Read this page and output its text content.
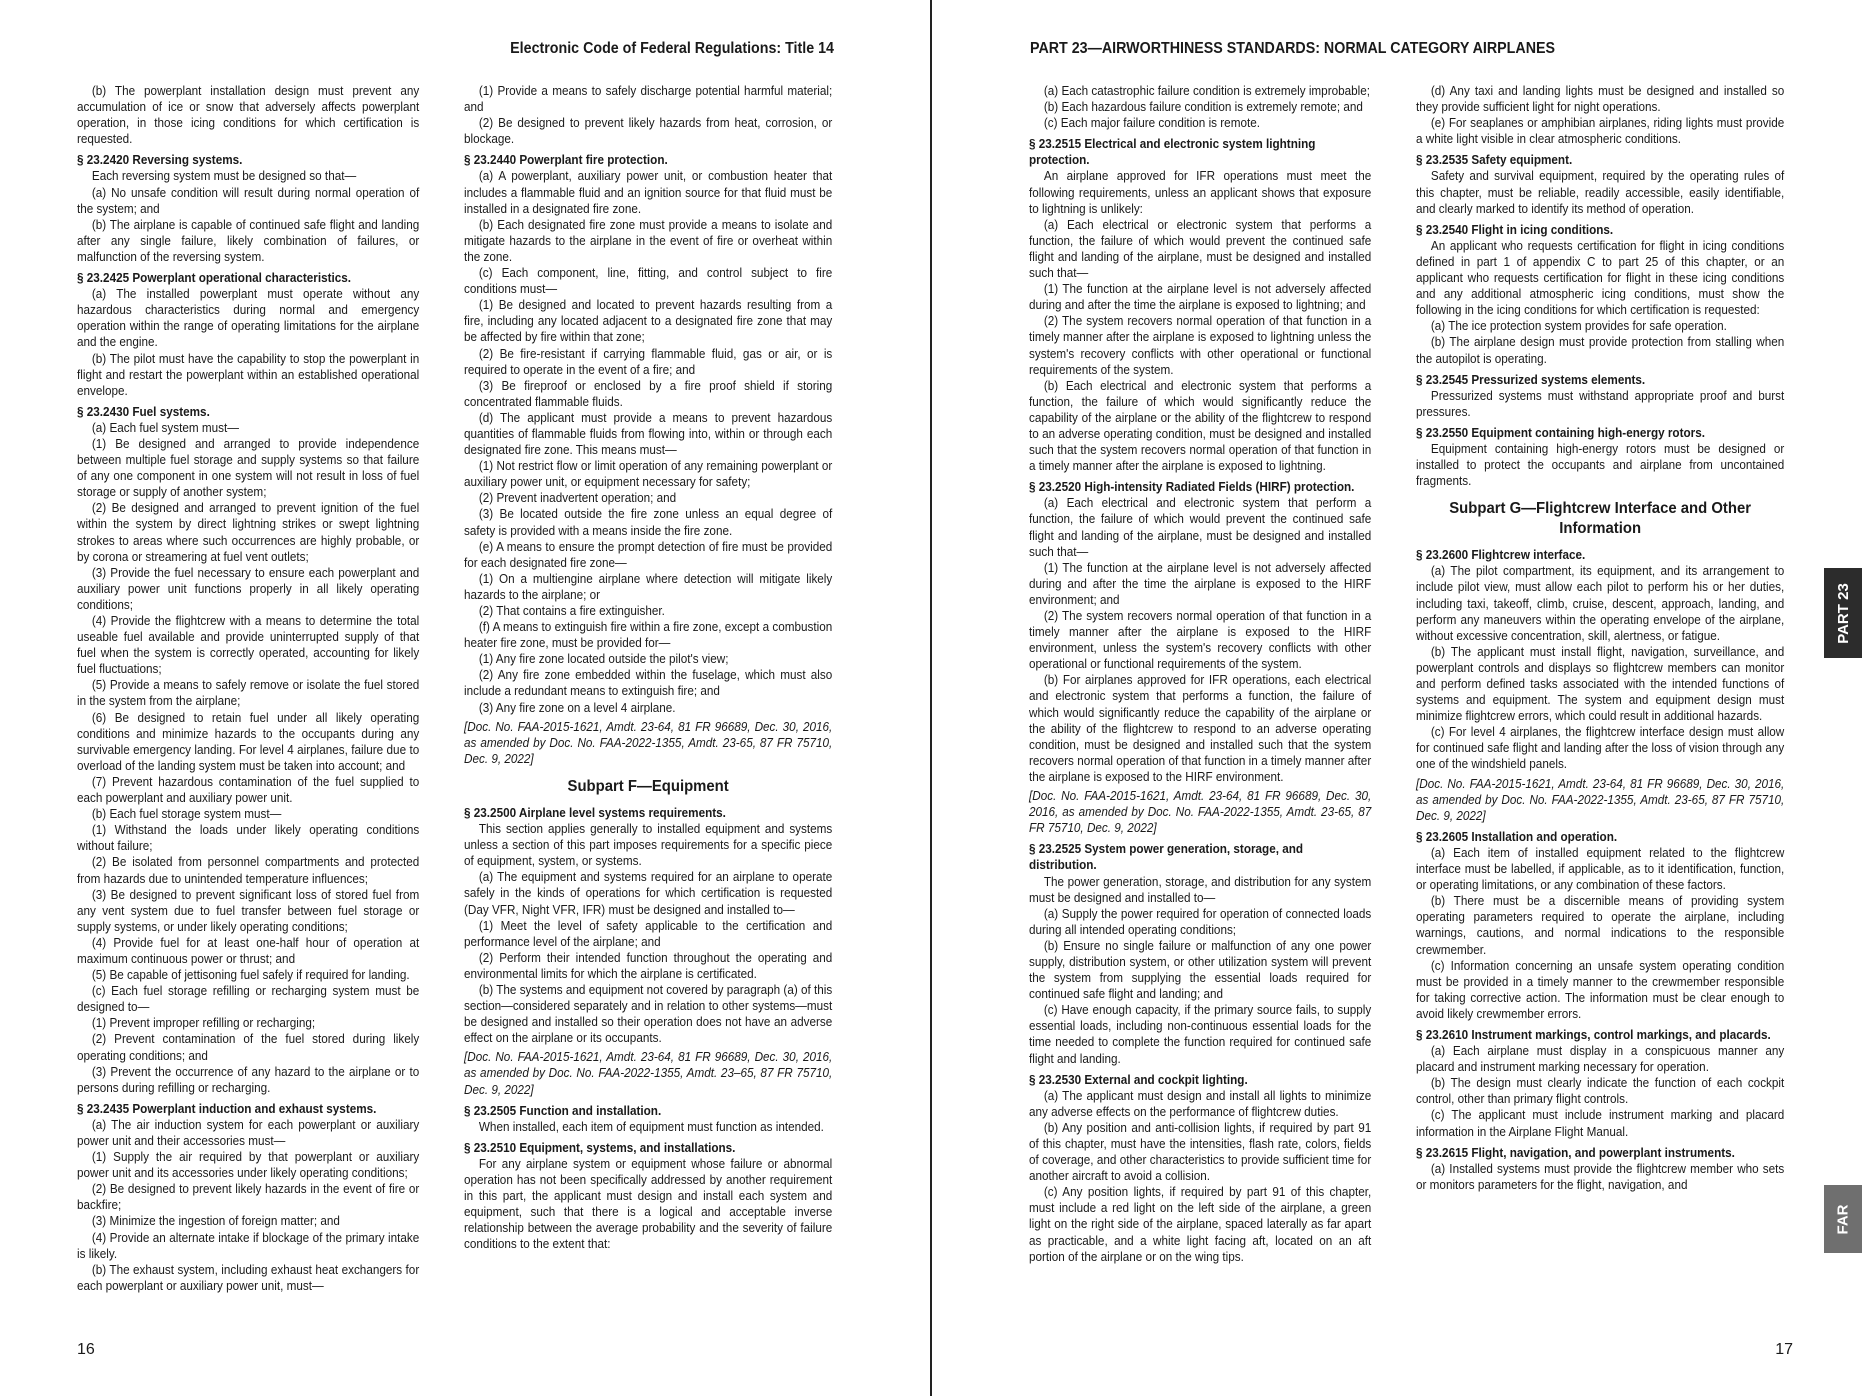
Electronic Code of Federal Regulations: Title 14
(b) The powerplant installation design must prevent any accumulation of ice or snow that adversely affects powerplant operation, in those icing conditions for which certification is requested.
§ 23.2420 Reversing systems.
Each reversing system must be designed so that—
(a) No unsafe condition will result during normal operation of the system; and
(b) The airplane is capable of continued safe flight and landing after any single failure, likely combination of failures, or malfunction of the reversing system.
§ 23.2425 Powerplant operational characteristics.
(a) The installed powerplant must operate without any hazardous characteristics during normal and emergency operation within the range of operating limitations for the airplane and the engine.
(b) The pilot must have the capability to stop the powerplant in flight and restart the powerplant within an established operational envelope.
§ 23.2430 Fuel systems.
(a) Each fuel system must—
(1) Be designed and arranged to provide independence between multiple fuel storage and supply systems so that failure of any one component in one system will not result in loss of fuel storage or supply of another system;
(2) Be designed and arranged to prevent ignition of the fuel within the system by direct lightning strikes or swept lightning strokes to areas where such occurrences are highly probable, or by corona or streamering at fuel vent outlets;
(3) Provide the fuel necessary to ensure each powerplant and auxiliary power unit functions properly in all likely operating conditions;
(4) Provide the flightcrew with a means to determine the total useable fuel available and provide uninterrupted supply of that fuel when the system is correctly operated, accounting for likely fuel fluctuations;
(5) Provide a means to safely remove or isolate the fuel stored in the system from the airplane;
(6) Be designed to retain fuel under all likely operating conditions and minimize hazards to the occupants during any survivable emergency landing. For level 4 airplanes, failure due to overload of the landing system must be taken into account; and
(7) Prevent hazardous contamination of the fuel supplied to each powerplant and auxiliary power unit.
(b) Each fuel storage system must—
(1) Withstand the loads under likely operating conditions without failure;
(2) Be isolated from personnel compartments and protected from hazards due to unintended temperature influences;
(3) Be designed to prevent significant loss of stored fuel from any vent system due to fuel transfer between fuel storage or supply systems, or under likely operating conditions;
(4) Provide fuel for at least one-half hour of operation at maximum continuous power or thrust; and
(5) Be capable of jettisoning fuel safely if required for landing.
(c) Each fuel storage refilling or recharging system must be designed to—
(1) Prevent improper refilling or recharging;
(2) Prevent contamination of the fuel stored during likely operating conditions; and
(3) Prevent the occurrence of any hazard to the airplane or to persons during refilling or recharging.
§ 23.2435 Powerplant induction and exhaust systems.
(a) The air induction system for each powerplant or auxiliary power unit and their accessories must—
(1) Supply the air required by that powerplant or auxiliary power unit and its accessories under likely operating conditions;
(2) Be designed to prevent likely hazards in the event of fire or backfire;
(3) Minimize the ingestion of foreign matter; and
(4) Provide an alternate intake if blockage of the primary intake is likely.
(b) The exhaust system, including exhaust heat exchangers for each powerplant or auxiliary power unit, must—
(1) Provide a means to safely discharge potential harmful material; and
(2) Be designed to prevent likely hazards from heat, corrosion, or blockage.
§ 23.2440 Powerplant fire protection.
(a) A powerplant, auxiliary power unit, or combustion heater that includes a flammable fluid and an ignition source for that fluid must be installed in a designated fire zone.
(b) Each designated fire zone must provide a means to isolate and mitigate hazards to the airplane in the event of fire or overheat within the zone.
(c) Each component, line, fitting, and control subject to fire conditions must—
(1) Be designed and located to prevent hazards resulting from a fire, including any located adjacent to a designated fire zone that may be affected by fire within that zone;
(2) Be fire-resistant if carrying flammable fluid, gas or air, or is required to operate in the event of a fire; and
(3) Be fireproof or enclosed by a fire proof shield if storing concentrated flammable fluids.
(d) The applicant must provide a means to prevent hazardous quantities of flammable fluids from flowing into, within or through each designated fire zone. This means must—
(1) Not restrict flow or limit operation of any remaining powerplant or auxiliary power unit, or equipment necessary for safety;
(2) Prevent inadvertent operation; and
(3) Be located outside the fire zone unless an equal degree of safety is provided with a means inside the fire zone.
(e) A means to ensure the prompt detection of fire must be provided for each designated fire zone—
(1) On a multiengine airplane where detection will mitigate likely hazards to the airplane; or
(2) That contains a fire extinguisher.
(f) A means to extinguish fire within a fire zone, except a combustion heater fire zone, must be provided for—
(1) Any fire zone located outside the pilot's view;
(2) Any fire zone embedded within the fuselage, which must also include a redundant means to extinguish fire; and
(3) Any fire zone on a level 4 airplane.
[Doc. No. FAA-2015-1621, Amdt. 23-64, 81 FR 96689, Dec. 30, 2016, as amended by Doc. No. FAA-2022-1355, Amdt. 23-65, 87 FR 75710, Dec. 9, 2022]
Subpart F—Equipment
§ 23.2500 Airplane level systems requirements.
This section applies generally to installed equipment and systems unless a section of this part imposes requirements for a specific piece of equipment, system, or systems.
(a) The equipment and systems required for an airplane to operate safely in the kinds of operations for which certification is requested (Day VFR, Night VFR, IFR) must be designed and installed to—
(1) Meet the level of safety applicable to the certification and performance level of the airplane; and
(2) Perform their intended function throughout the operating and environmental limits for which the airplane is certificated.
(b) The systems and equipment not covered by paragraph (a) of this section—considered separately and in relation to other systems—must be designed and installed so their operation does not have an adverse effect on the airplane or its occupants.
[Doc. No. FAA-2015-1621, Amdt. 23-64, 81 FR 96689, Dec. 30, 2016, as amended by Doc. No. FAA-2022-1355, Amdt. 23–65, 87 FR 75710, Dec. 9, 2022]
§ 23.2505 Function and installation.
When installed, each item of equipment must function as intended.
§ 23.2510 Equipment, systems, and installations.
For any airplane system or equipment whose failure or abnormal operation has not been specifically addressed by another requirement in this part, the applicant must design and install each system and equipment, such that there is a logical and acceptable inverse relationship between the average probability and the severity of failure conditions to the extent that:
16
PART 23—AIRWORTHINESS STANDARDS: NORMAL CATEGORY AIRPLANES
(a) Each catastrophic failure condition is extremely improbable;
(b) Each hazardous failure condition is extremely remote; and
(c) Each major failure condition is remote.
§ 23.2515 Electrical and electronic system lightning protection.
An airplane approved for IFR operations must meet the following requirements, unless an applicant shows that exposure to lightning is unlikely:
(a) Each electrical or electronic system that performs a function, the failure of which would prevent the continued safe flight and landing of the airplane, must be designed and installed such that—
(1) The function at the airplane level is not adversely affected during and after the time the airplane is exposed to lightning; and
(2) The system recovers normal operation of that function in a timely manner after the airplane is exposed to lightning unless the system's recovery conflicts with other operational or functional requirements of the system.
(b) Each electrical and electronic system that performs a function, the failure of which would significantly reduce the capability of the airplane or the ability of the flightcrew to respond to an adverse operating condition, must be designed and installed such that the system recovers normal operation of that function in a timely manner after the airplane is exposed to lightning.
§ 23.2520 High-intensity Radiated Fields (HIRF) protection.
(a) Each electrical and electronic system that perform a function, the failure of which would prevent the continued safe flight and landing of the airplane, must be designed and installed such that—
(1) The function at the airplane level is not adversely affected during and after the time the airplane is exposed to the HIRF environment; and
(2) The system recovers normal operation of that function in a timely manner after the airplane is exposed to the HIRF environment, unless the system's recovery conflicts with other operational or functional requirements of the system.
(b) For airplanes approved for IFR operations, each electrical and electronic system that performs a function, the failure of which would significantly reduce the capability of the airplane or the ability of the flightcrew to respond to an adverse operating condition, must be designed and installed such that the system recovers normal operation of that function in a timely manner after the airplane is exposed to the HIRF environment.
[Doc. No. FAA-2015-1621, Amdt. 23-64, 81 FR 96689, Dec. 30, 2016, as amended by Doc. No. FAA-2022-1355, Amdt. 23-65, 87 FR 75710, Dec. 9, 2022]
§ 23.2525 System power generation, storage, and distribution.
The power generation, storage, and distribution for any system must be designed and installed to—
(a) Supply the power required for operation of connected loads during all intended operating conditions;
(b) Ensure no single failure or malfunction of any one power supply, distribution system, or other utilization system will prevent the system from supplying the essential loads required for continued safe flight and landing; and
(c) Have enough capacity, if the primary source fails, to supply essential loads, including non-continuous essential loads for the time needed to complete the function required for continued safe flight and landing.
§ 23.2530 External and cockpit lighting.
(a) The applicant must design and install all lights to minimize any adverse effects on the performance of flightcrew duties.
(b) Any position and anti-collision lights, if required by part 91 of this chapter, must have the intensities, flash rate, colors, fields of coverage, and other characteristics to provide sufficient time for another aircraft to avoid a collision.
(c) Any position lights, if required by part 91 of this chapter, must include a red light on the left side of the airplane, a green light on the right side of the airplane, spaced laterally as far apart as practicable, and a white light facing aft, located on an aft portion of the airplane or on the wing tips.
(d) Any taxi and landing lights must be designed and installed so they provide sufficient light for night operations.
(e) For seaplanes or amphibian airplanes, riding lights must provide a white light visible in clear atmospheric conditions.
§ 23.2535 Safety equipment.
Safety and survival equipment, required by the operating rules of this chapter, must be reliable, readily accessible, easily identifiable, and clearly marked to identify its method of operation.
§ 23.2540 Flight in icing conditions.
An applicant who requests certification for flight in icing conditions defined in part 1 of appendix C to part 25 of this chapter, or an applicant who requests certification for flight in these icing conditions and any additional atmospheric icing conditions, must show the following in the icing conditions for which certification is requested:
(a) The ice protection system provides for safe operation.
(b) The airplane design must provide protection from stalling when the autopilot is operating.
§ 23.2545 Pressurized systems elements.
Pressurized systems must withstand appropriate proof and burst pressures.
§ 23.2550 Equipment containing high-energy rotors.
Equipment containing high-energy rotors must be designed or installed to protect the occupants and airplane from uncontained fragments.
Subpart G—Flightcrew Interface and Other Information
§ 23.2600 Flightcrew interface.
(a) The pilot compartment, its equipment, and its arrangement to include pilot view, must allow each pilot to perform his or her duties, including taxi, takeoff, climb, cruise, descent, approach, landing, and perform any maneuvers within the operating envelope of the airplane, without excessive concentration, skill, alertness, or fatigue.
(b) The applicant must install flight, navigation, surveillance, and powerplant controls and displays so flightcrew members can monitor and perform defined tasks associated with the intended functions of systems and equipment. The system and equipment design must minimize flightcrew errors, which could result in additional hazards.
(c) For level 4 airplanes, the flightcrew interface design must allow for continued safe flight and landing after the loss of vision through any one of the windshield panels.
[Doc. No. FAA-2015-1621, Amdt. 23-64, 81 FR 96689, Dec. 30, 2016, as amended by Doc. No. FAA-2022-1355, Amdt. 23-65, 87 FR 75710, Dec. 9, 2022]
§ 23.2605 Installation and operation.
(a) Each item of installed equipment related to the flightcrew interface must be labelled, if applicable, as to it identification, function, or operating limitations, or any combination of these factors.
(b) There must be a discernible means of providing system operating parameters required to operate the airplane, including warnings, cautions, and normal indications to the responsible crewmember.
(c) Information concerning an unsafe system operating condition must be provided in a timely manner to the crewmember responsible for taking corrective action. The information must be clear enough to avoid likely crewmember errors.
§ 23.2610 Instrument markings, control markings, and placards.
(a) Each airplane must display in a conspicuous manner any placard and instrument marking necessary for operation.
(b) The design must clearly indicate the function of each cockpit control, other than primary flight controls.
(c) The applicant must include instrument marking and placard information in the Airplane Flight Manual.
§ 23.2615 Flight, navigation, and powerplant instruments.
(a) Installed systems must provide the flightcrew member who sets or monitors parameters for the flight, navigation, and
17
PART 23
FAR
